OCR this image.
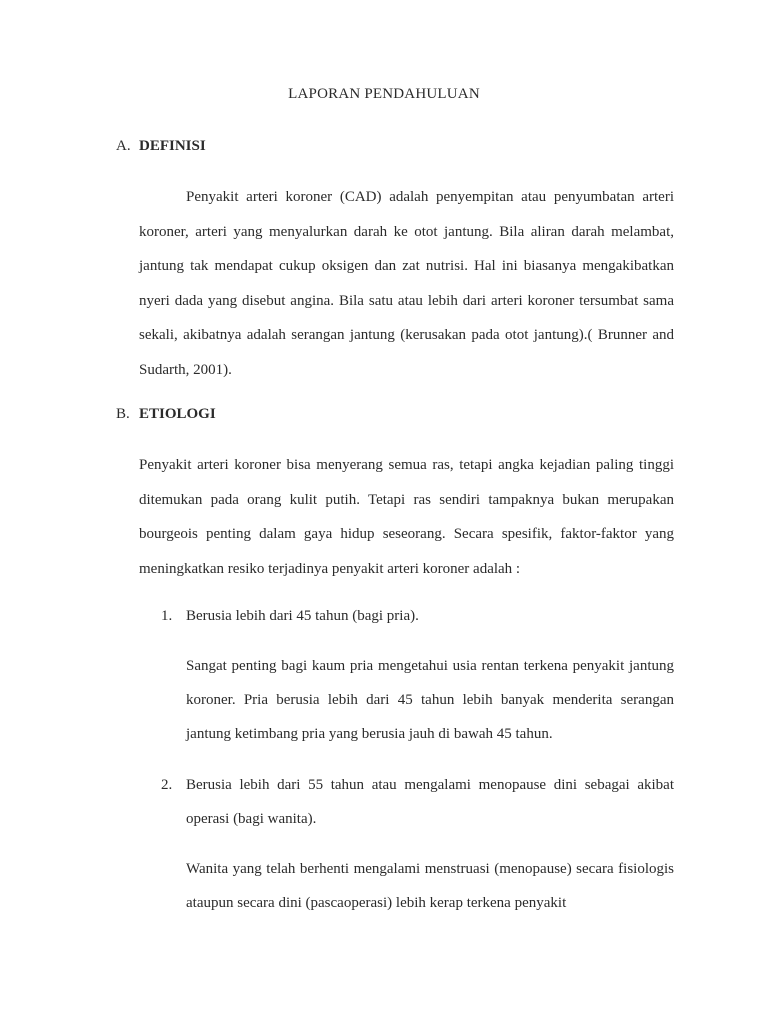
LAPORAN PENDAHULUAN
A. DEFINISI

Penyakit arteri koroner (CAD) adalah penyempitan atau penyumbatan arteri koroner, arteri yang menyalurkan darah ke otot jantung. Bila aliran darah melambat, jantung tak mendapat cukup oksigen dan zat nutrisi. Hal ini biasanya mengakibatkan nyeri dada yang disebut angina. Bila satu atau lebih dari arteri koroner tersumbat sama sekali, akibatnya adalah serangan jantung (kerusakan pada otot jantung).( Brunner and Sudarth, 2001).

B. ETIOLOGI

Penyakit arteri koroner bisa menyerang semua ras, tetapi angka kejadian paling tinggi ditemukan pada orang kulit putih. Tetapi ras sendiri tampaknya bukan merupakan bourgeois penting dalam gaya hidup seseorang. Secara spesifik, faktor-faktor yang meningkatkan resiko terjadinya penyakit arteri koroner adalah :

1. Berusia lebih dari 45 tahun (bagi pria).

Sangat penting bagi kaum pria mengetahui usia rentan terkena penyakit jantung koroner. Pria berusia lebih dari 45 tahun lebih banyak menderita serangan jantung ketimbang pria yang berusia jauh di bawah 45 tahun.

2. Berusia lebih dari 55 tahun atau mengalami menopause dini sebagai akibat operasi (bagi wanita).

Wanita yang telah berhenti mengalami menstruasi (menopause) secara fisiologis ataupun secara dini (pascaoperasi) lebih kerap terkena penyakit
